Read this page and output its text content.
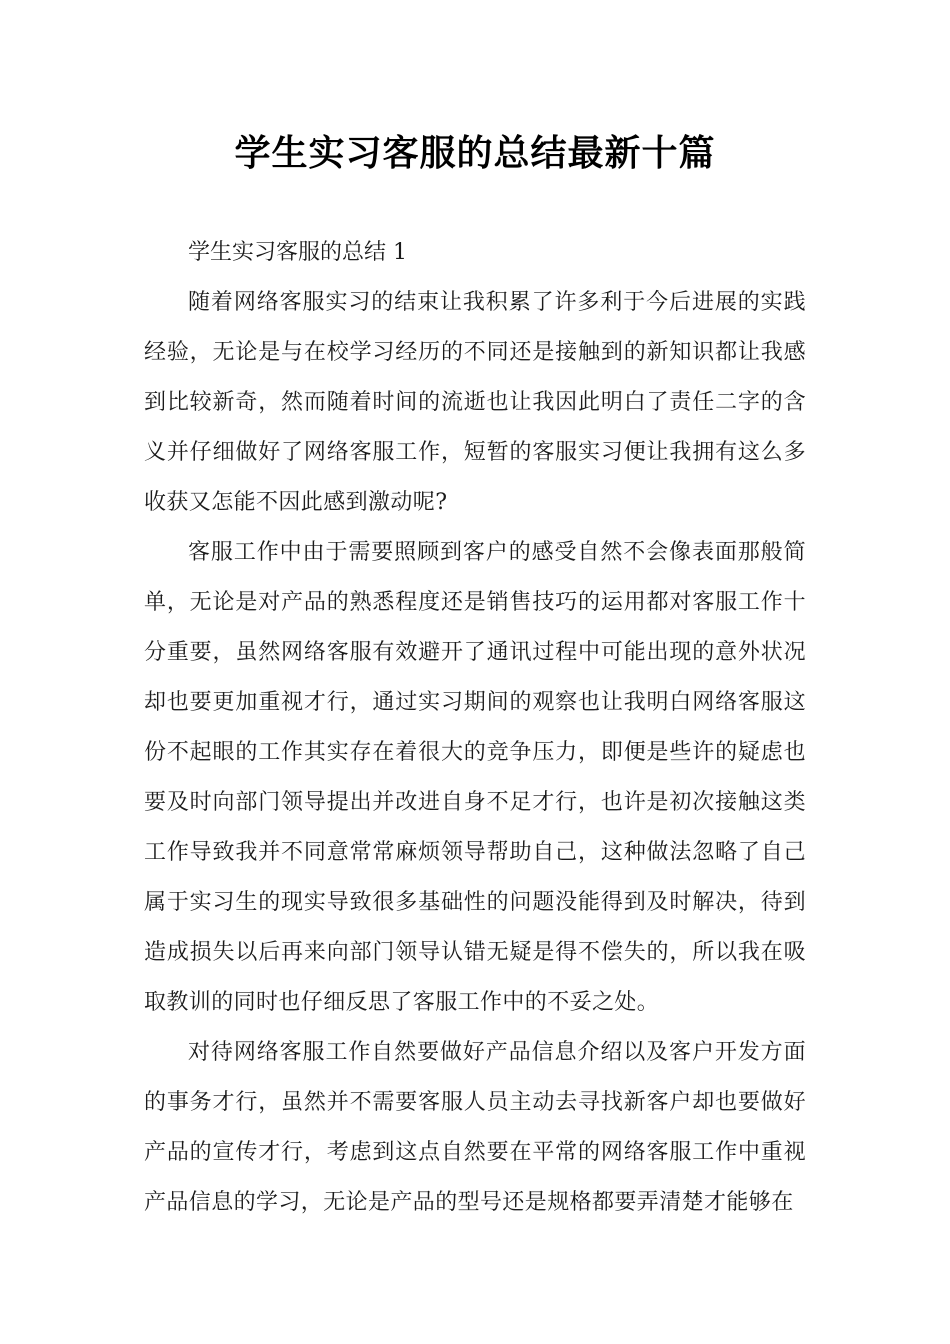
学生实习客服的总结最新十篇
学生实习客服的总结 1

随着网络客服实习的结束让我积累了许多利于今后进展的实践经验，无论是与在校学习经历的不同还是接触到的新知识都让我感到比较新奇，然而随着时间的流逝也让我因此明白了责任二字的含义并仔细做好了网络客服工作，短暂的客服实习便让我拥有这么多收获又怎能不因此感到激动呢?

客服工作中由于需要照顾到客户的感受自然不会像表面那般简单，无论是对产品的熟悉程度还是销售技巧的运用都对客服工作十分重要，虽然网络客服有效避开了通讯过程中可能出现的意外状况却也要更加重视才行，通过实习期间的观察也让我明白网络客服这份不起眼的工作其实存在着很大的竞争压力，即便是些许的疑虑也要及时向部门领导提出并改进自身不足才行，也许是初次接触这类工作导致我并不同意常常麻烦领导帮助自己，这种做法忽略了自己属于实习生的现实导致很多基础性的问题没能得到及时解决，待到造成损失以后再来向部门领导认错无疑是得不偿失的，所以我在吸取教训的同时也仔细反思了客服工作中的不妥之处。

对待网络客服工作自然要做好产品信息介绍以及客户开发方面的事务才行，虽然并不需要客服人员主动去寻找新客户却也要做好产品的宣传才行，考虑到这点自然要在平常的网络客服工作中重视产品信息的学习，无论是产品的型号还是规格都要弄清楚才能够在
